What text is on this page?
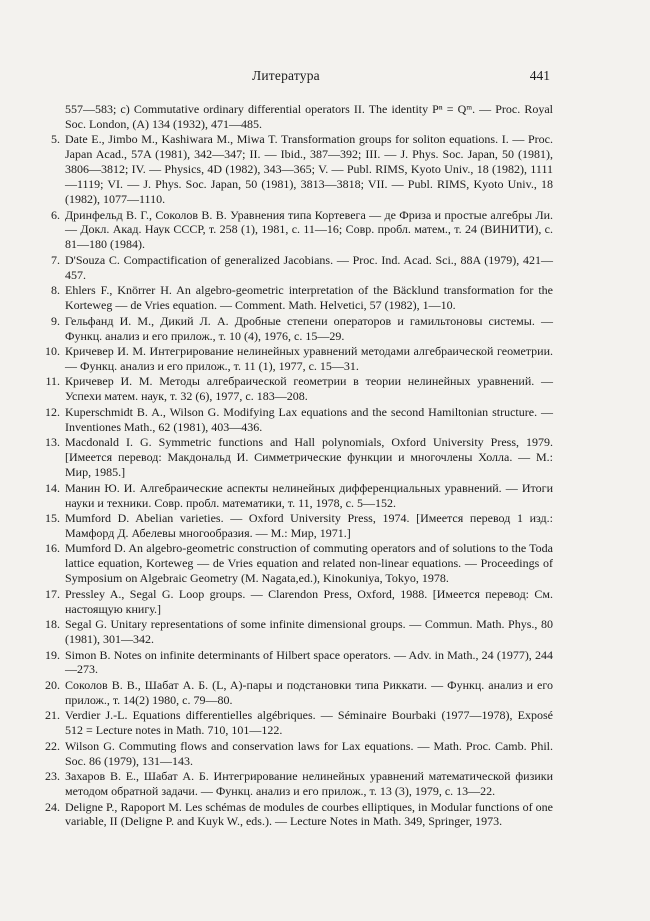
Литература	441
557—583; c) Commutative ordinary differential operators II. The identity Pⁿ = Qᵐ. — Proc. Royal Soc. London, (A) 134 (1932), 471—485.
5. Date E., Jimbo M., Kashiwara M., Miwa T. Transformation groups for soliton equations. I. — Proc. Japan Acad., 57A (1981), 342—347; II. — Ibid., 387—392; III. — J. Phys. Soc. Japan, 50 (1981), 3806—3812; IV. — Physics, 4D (1982), 343—365; V. — Publ. RIMS, Kyoto Univ., 18 (1982), 1111—1119; VI. — J. Phys. Soc. Japan, 50 (1981), 3813—3818; VII. — Publ. RIMS, Kyoto Univ., 18 (1982), 1077—1110.
6. Дринфельд В. Г., Соколов В. В. Уравнения типа Кортевега — де Фриза и простые алгебры Ли. — Докл. Акад. Наук СССР, т. 258 (1), 1981, с. 11—16; Совр. пробл. матем., т. 24 (ВИНИТИ), с. 81—180 (1984).
7. D'Souza C. Compactification of generalized Jacobians. — Proc. Ind. Acad. Sci., 88A (1979), 421—457.
8. Ehlers F., Knörrer H. An algebro-geometric interpretation of the Bäcklund transformation for the Korteweg — de Vries equation. — Comment. Math. Helvetici, 57 (1982), 1—10.
9. Гельфанд И. М., Дикий Л. А. Дробные степени операторов и гамильтоновы системы. — Функц. анализ и его прилож., т. 10 (4), 1976, с. 15—29.
10. Кричевер И. М. Интегрирование нелинейных уравнений методами алгебраической геометрии. — Функц. анализ и его прилож., т. 11 (1), 1977, с. 15—31.
11. Кричевер И. М. Методы алгебраической геометрии в теории нелинейных уравнений. — Успехи матем. наук, т. 32 (6), 1977, с. 183—208.
12. Kuperschmidt B. A., Wilson G. Modifying Lax equations and the second Hamiltonian structure. — Inventiones Math., 62 (1981), 403—436.
13. Macdonald I. G. Symmetric functions and Hall polynomials, Oxford University Press, 1979. [Имеется перевод: Макдональд И. Симметрические функции и многочлены Холла. — М.: Мир, 1985.]
14. Манин Ю. И. Алгебраические аспекты нелинейных дифференциальных уравнений. — Итоги науки и техники. Совр. пробл. математики, т. 11, 1978, с. 5—152.
15. Mumford D. Abelian varieties. — Oxford University Press, 1974. [Имеется перевод 1 изд.: Мамфорд Д. Абелевы многообразия. — М.: Мир, 1971.]
16. Mumford D. An algebro-geometric construction of commuting operators and of solutions to the Toda lattice equation, Korteweg — de Vries equation and related non-linear equations. — Proceedings of Symposium on Algebraic Geometry (M. Nagata,ed.), Kinokuniya, Tokyo, 1978.
17. Pressley A., Segal G. Loop groups. — Clarendon Press, Oxford, 1988. [Имеется перевод: См. настоящую книгу.]
18. Segal G. Unitary representations of some infinite dimensional groups. — Commun. Math. Phys., 80 (1981), 301—342.
19. Simon B. Notes on infinite determinants of Hilbert space operators. — Adv. in Math., 24 (1977), 244—273.
20. Соколов В. В., Шабат А. Б. (L, A)-пары и подстановки типа Риккати. — Функц. анализ и его прилож., т. 14(2) 1980, с. 79—80.
21. Verdier J.-L. Equations differentielles algébriques. — Séminaire Bourbaki (1977—1978), Exposé 512 = Lecture notes in Math. 710, 101—122.
22. Wilson G. Commuting flows and conservation laws for Lax equations. — Math. Proc. Camb. Phil. Soc. 86 (1979), 131—143.
23. Захаров В. Е., Шабат А. Б. Интегрирование нелинейных уравнений математической физики методом обратной задачи. — Функц. анализ и его прилож., т. 13 (3), 1979, с. 13—22.
24. Deligne P., Rapoport M. Les schémas de modules de courbes elliptiques, in Modular functions of one variable, II (Deligne P. and Kuyk W., eds.). — Lecture Notes in Math. 349, Springer, 1973.
